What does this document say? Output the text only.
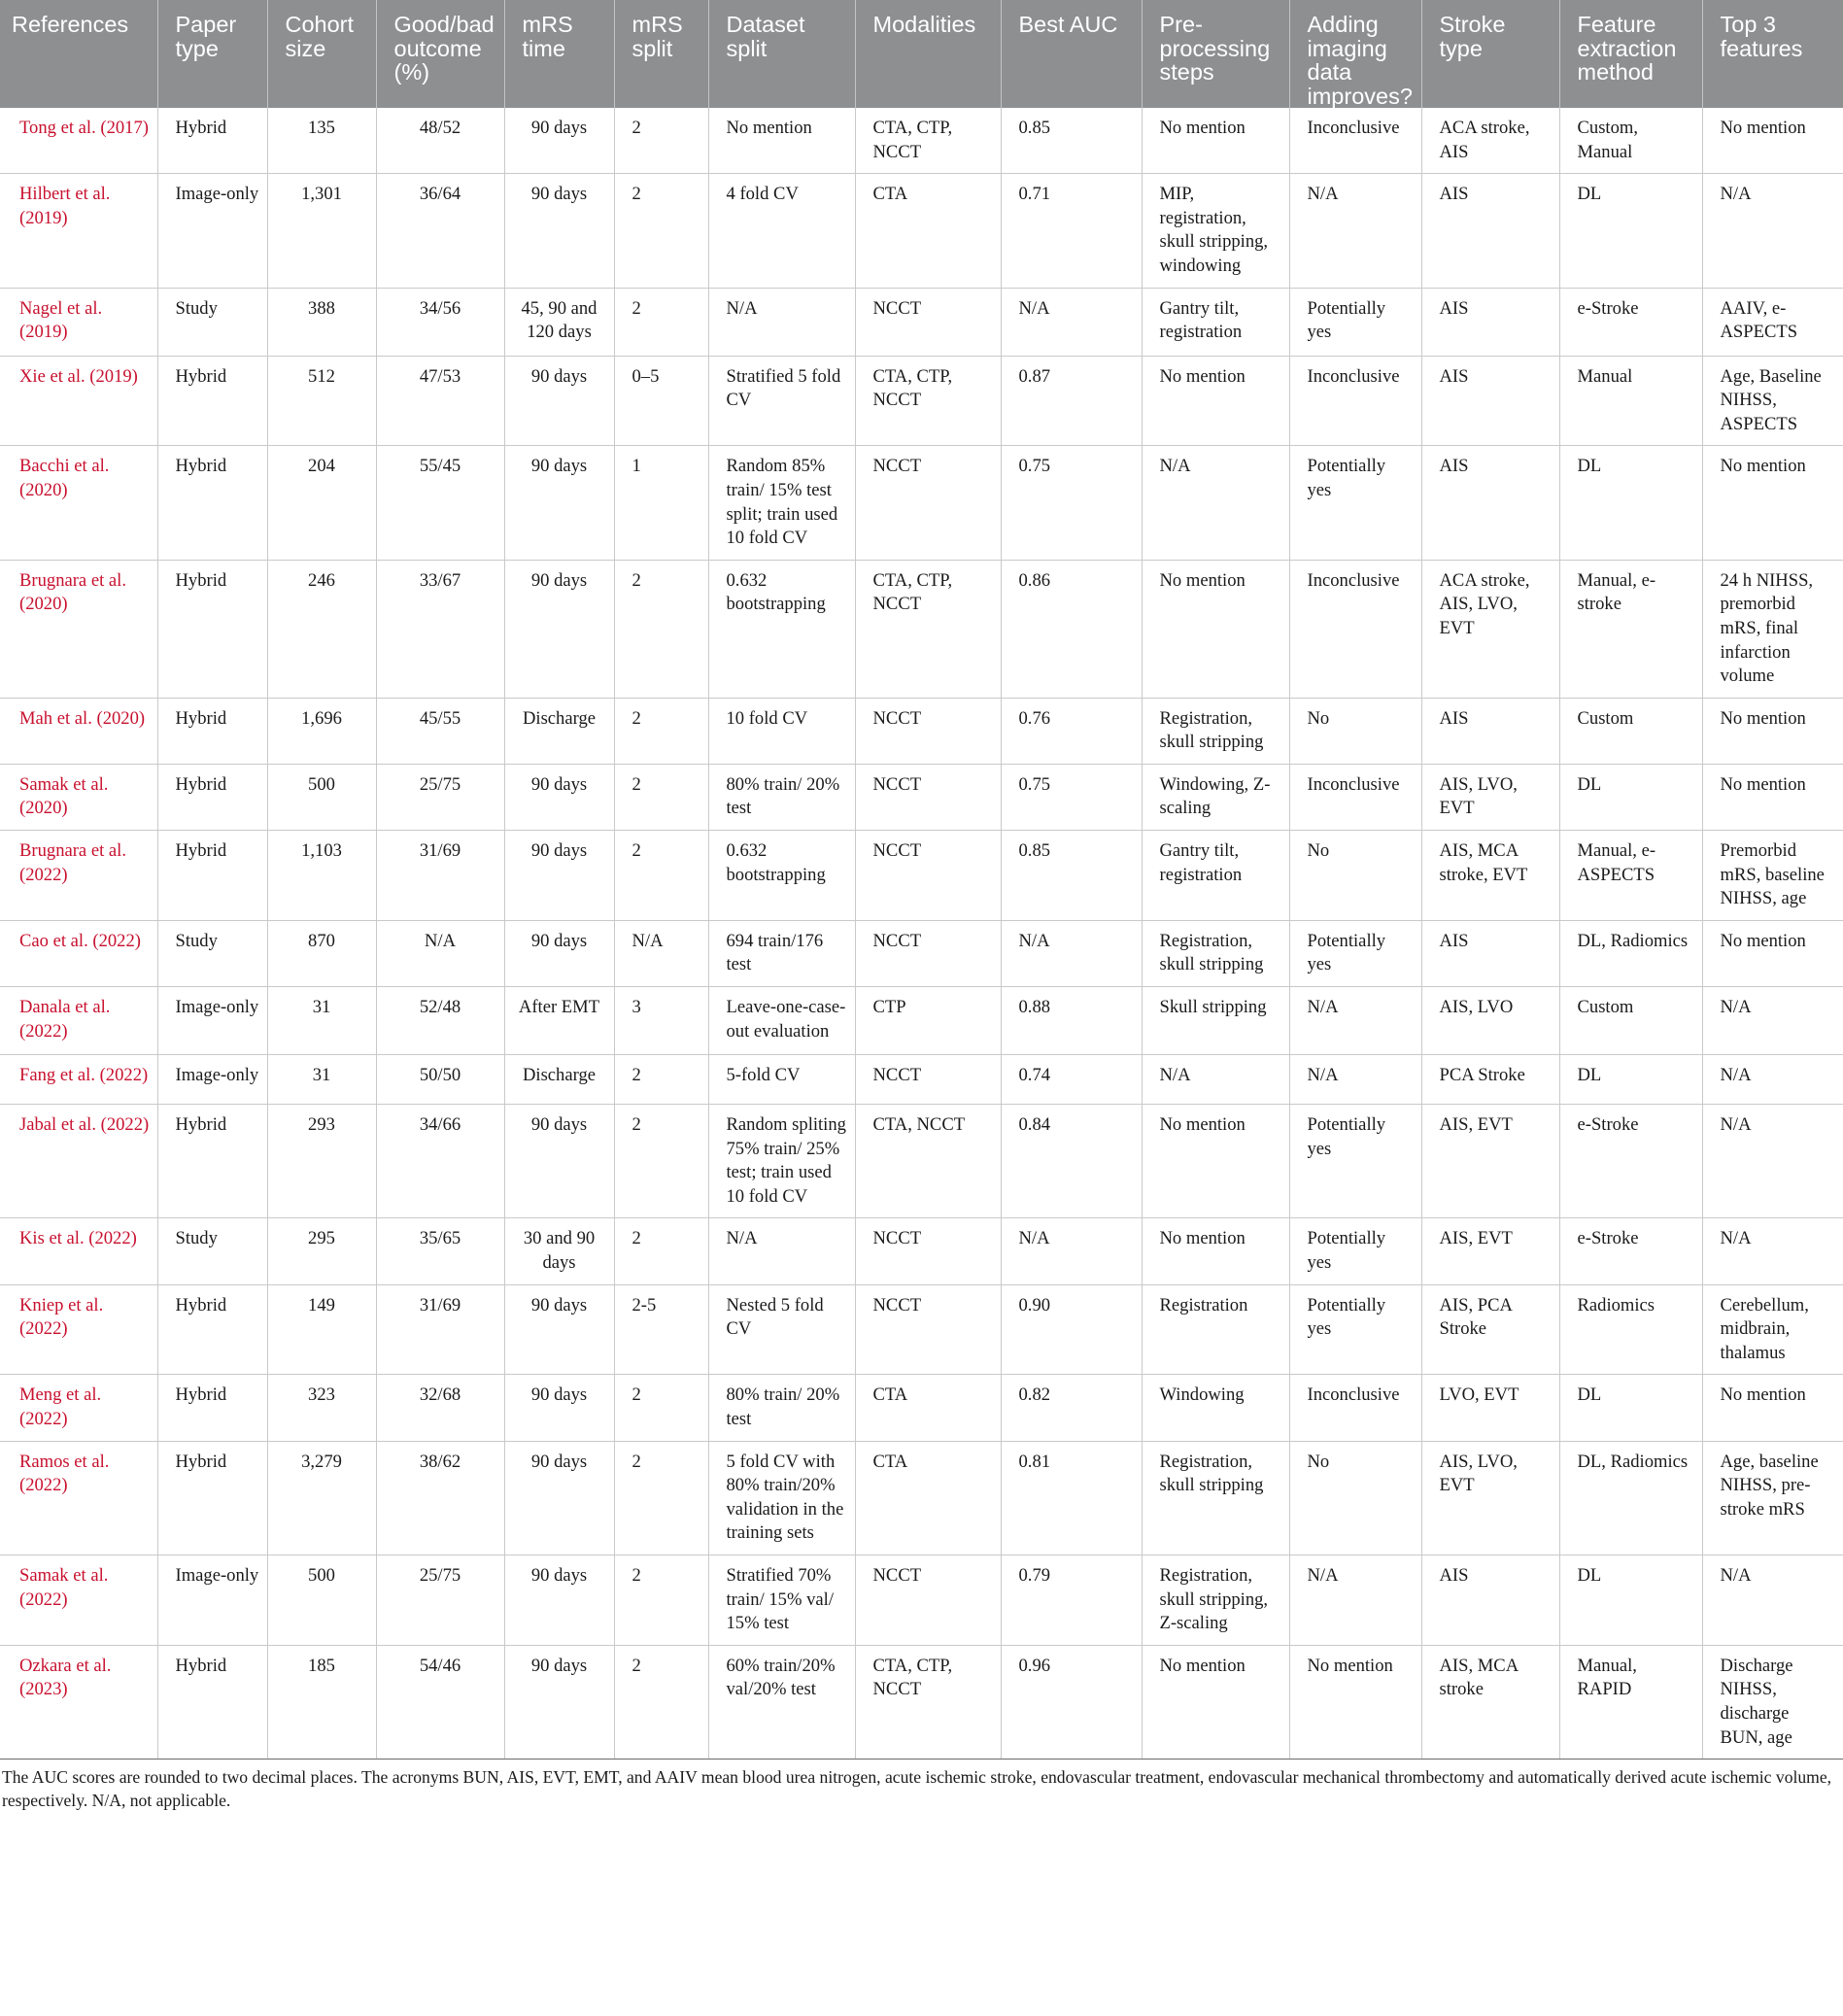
References	Paper type	Cohort size	Good/bad outcome (%)	mRS time	mRS split	Dataset split	Modalities	Best AUC	Pre-processing steps	Adding imaging data improves?	Stroke type	Feature extraction method	Top 3 features
Tong et al. (2017)	Hybrid	135	48/52	90 days	2	No mention	CTA, CTP, NCCT	0.85	No mention	Inconclusive	ACA stroke, AIS	Custom, Manual	No mention
Hilbert et al. (2019)	Image-only	1,301	36/64	90 days	2	4 fold CV	CTA	0.71	MIP, registration, skull stripping, windowing	N/A	AIS	DL	N/A
Nagel et al. (2019)	Study	388	34/56	45, 90 and 120 days	2	N/A	NCCT	N/A	Gantry tilt, registration	Potentially yes	AIS	e-Stroke	AAIV, e-ASPECTS
Xie et al. (2019)	Hybrid	512	47/53	90 days	0–5	Stratified 5 fold CV	CTA, CTP, NCCT	0.87	No mention	Inconclusive	AIS	Manual	Age, Baseline NIHSS, ASPECTS
Bacchi et al. (2020)	Hybrid	204	55/45	90 days	1	Random 85% train/ 15% test split; train used 10 fold CV	NCCT	0.75	N/A	Potentially yes	AIS	DL	No mention
Brugnara et al. (2020)	Hybrid	246	33/67	90 days	2	0.632 bootstrapping	CTA, CTP, NCCT	0.86	No mention	Inconclusive	ACA stroke, AIS, LVO, EVT	Manual, e-stroke	24 h NIHSS, premorbid mRS, final infarction volume
Mah et al. (2020)	Hybrid	1,696	45/55	Discharge	2	10 fold CV	NCCT	0.76	Registration, skull stripping	No	AIS	Custom	No mention
Samak et al. (2020)	Hybrid	500	25/75	90 days	2	80% train/ 20% test	NCCT	0.75	Windowing, Z-scaling	Inconclusive	AIS, LVO, EVT	DL	No mention
Brugnara et al. (2022)	Hybrid	1,103	31/69	90 days	2	0.632 bootstrapping	NCCT	0.85	Gantry tilt, registration	No	AIS, MCA stroke, EVT	Manual, e-ASPECTS	Premorbid mRS, baseline NIHSS, age
Cao et al. (2022)	Study	870	N/A	90 days	N/A	694 train/176 test	NCCT	N/A	Registration, skull stripping	Potentially yes	AIS	DL, Radiomics	No mention
Danala et al. (2022)	Image-only	31	52/48	After EMT	3	Leave-one-case-out evaluation	CTP	0.88	Skull stripping	N/A	AIS, LVO	Custom	N/A
Fang et al. (2022)	Image-only	31	50/50	Discharge	2	5-fold CV	NCCT	0.74	N/A	N/A	PCA Stroke	DL	N/A
Jabal et al. (2022)	Hybrid	293	34/66	90 days	2	Random spliting 75% train/ 25% test; train used 10 fold CV	CTA, NCCT	0.84	No mention	Potentially yes	AIS, EVT	e-Stroke	N/A
Kis et al. (2022)	Study	295	35/65	30 and 90 days	2	N/A	NCCT	N/A	No mention	Potentially yes	AIS, EVT	e-Stroke	N/A
Kniep et al. (2022)	Hybrid	149	31/69	90 days	2-5	Nested 5 fold CV	NCCT	0.90	Registration	Potentially yes	AIS, PCA Stroke	Radiomics	Cerebellum, midbrain, thalamus
Meng et al. (2022)	Hybrid	323	32/68	90 days	2	80% train/ 20% test	CTA	0.82	Windowing	Inconclusive	LVO, EVT	DL	No mention
Ramos et al. (2022)	Hybrid	3,279	38/62	90 days	2	5 fold CV with 80% train/20% validation in the training sets	CTA	0.81	Registration, skull stripping	No	AIS, LVO, EVT	DL, Radiomics	Age, baseline NIHSS, pre-stroke mRS
Samak et al. (2022)	Image-only	500	25/75	90 days	2	Stratified 70% train/ 15% val/ 15% test	NCCT	0.79	Registration, skull stripping, Z-scaling	N/A	AIS	DL	N/A
Ozkara et al. (2023)	Hybrid	185	54/46	90 days	2	60% train/20% val/20% test	CTA, CTP, NCCT	0.96	No mention	No mention	AIS, MCA stroke	Manual, RAPID	Discharge NIHSS, discharge BUN, age
The AUC scores are rounded to two decimal places. The acronyms BUN, AIS, EVT, EMT, and AAIV mean blood urea nitrogen, acute ischemic stroke, endovascular treatment, endovascular mechanical thrombectomy and automatically derived acute ischemic volume, respectively. N/A, not applicable.
